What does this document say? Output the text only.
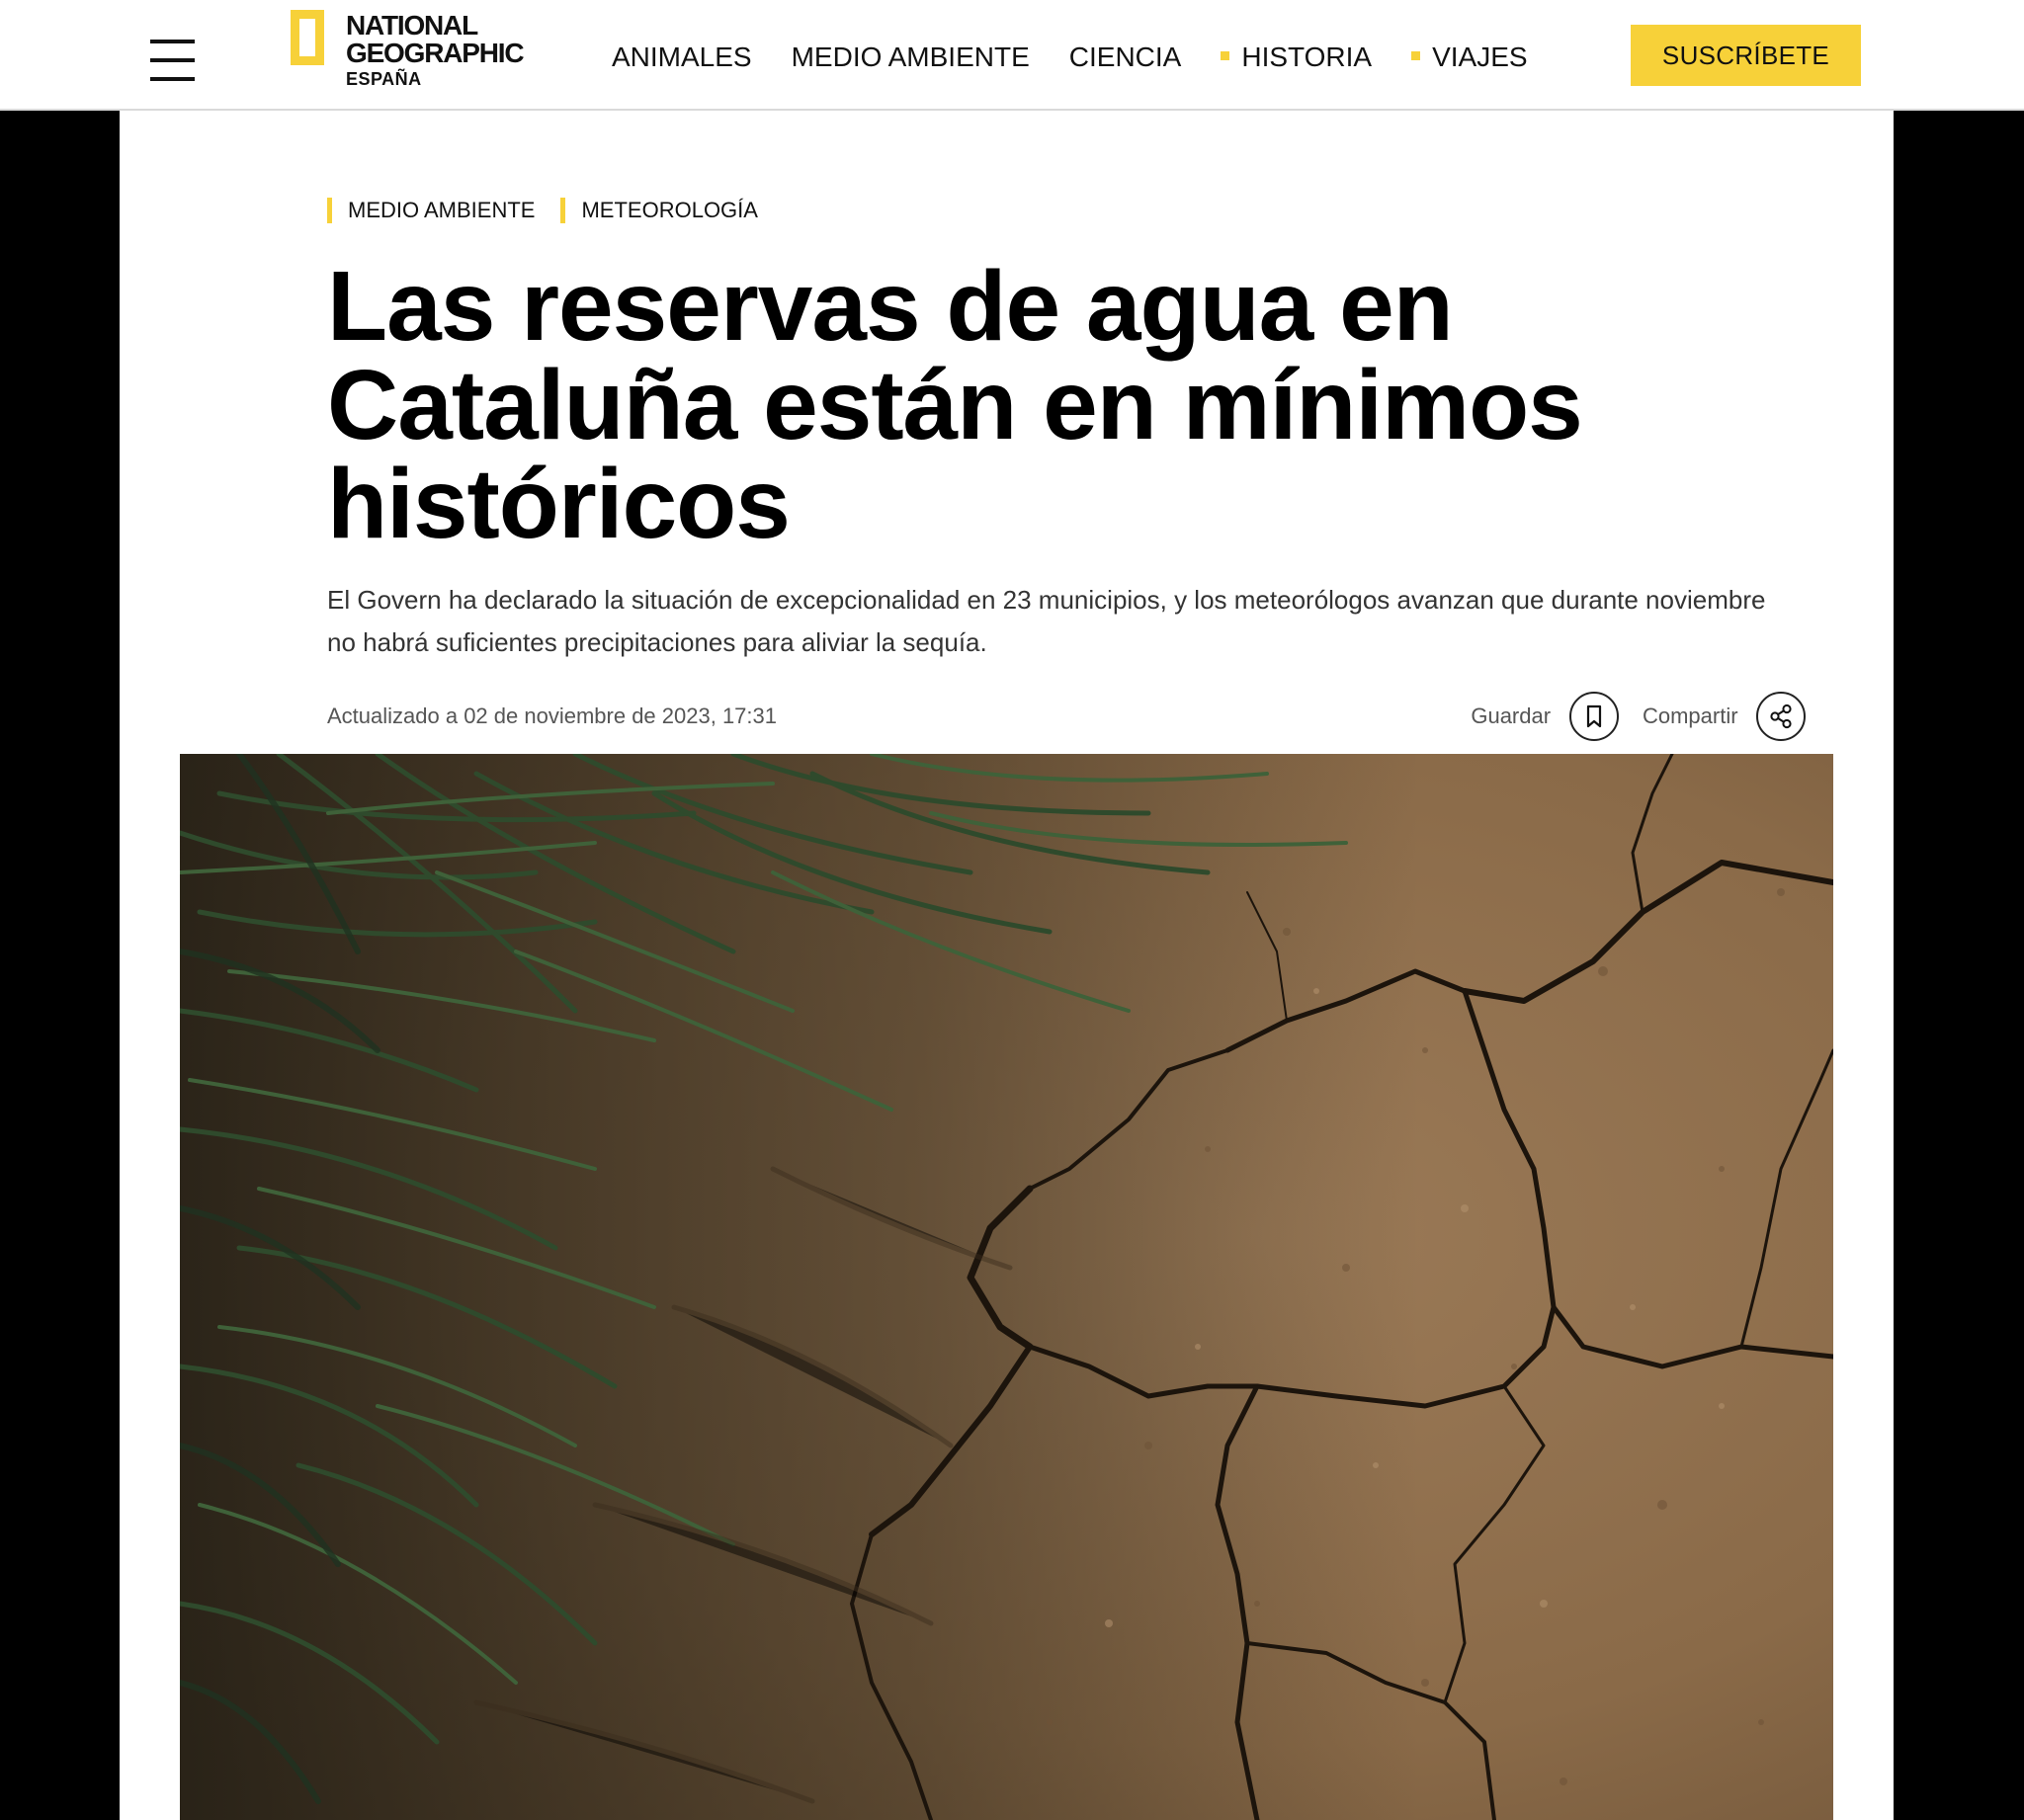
NATIONAL
GEOGRAPHIC
ESPAÑA
ANIMALES MEDIO AMBIENTE CIENCIA HISTORIA VIAJES	SUSCRÍBETE
MEDIO AMBIENTE METEOROLOGÍA
Las reservas de agua en Cataluña están en mínimos históricos

El Govern ha declarado la situación de excepcionalidad en 23 municipios, y los meteorólogos avanzan que durante noviembre no habrá suficientes precipitaciones para aliviar la sequía.

Actualizado a 02 de noviembre de 2023, 17:31	Guardar	Compartir
